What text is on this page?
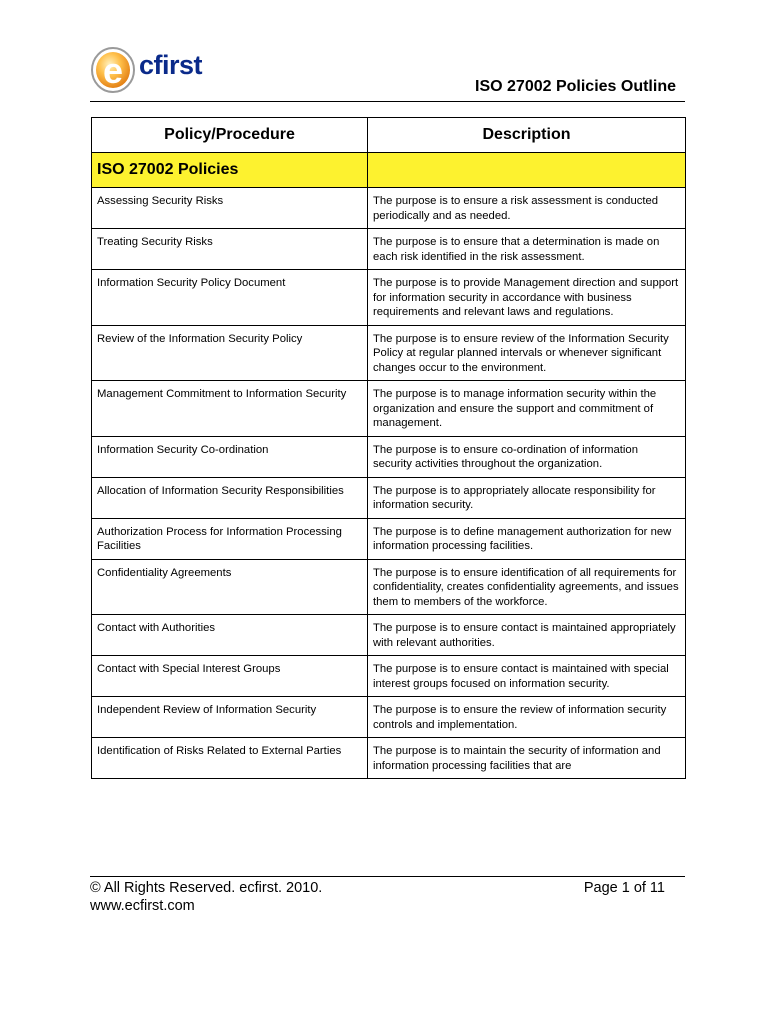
e cfirst
ISO 27002 Policies Outline
Policy/Procedure	Description
ISO 27002 Policies	
Assessing Security Risks	The purpose is to ensure a risk assessment is conducted periodically and as needed.
Treating Security Risks	The purpose is to ensure that a determination is made on each risk identified in the risk assessment.
Information Security Policy Document	The purpose is to provide Management direction and support for information security in accordance with business requirements and relevant laws and regulations.
Review of the Information Security Policy	The purpose is to ensure review of the Information Security Policy at regular planned intervals or whenever significant changes occur to the environment.
Management Commitment to Information Security	The purpose is to manage information security within the organization and ensure the support and commitment of management.
Information Security Co-ordination	The purpose is to ensure co-ordination of information security activities throughout the organization.
Allocation of Information Security Responsibilities	The purpose is to appropriately allocate responsibility for information security.
Authorization Process for Information Processing Facilities	The purpose is to define management authorization for new information processing facilities.
Confidentiality Agreements	The purpose is to ensure identification of all requirements for confidentiality, creates confidentiality agreements, and issues them to members of the workforce.
Contact with Authorities	The purpose is to ensure contact is maintained appropriately with relevant authorities.
Contact with Special Interest Groups	The purpose is to ensure contact is maintained with special interest groups focused on information security.
Independent Review of Information Security	The purpose is to ensure the review of information security controls and implementation.
Identification of Risks Related to External Parties	The purpose is to maintain the security of information and information processing facilities that are
© All Rights Reserved. ecfirst. 2010.
www.ecfirst.com
Page 1 of 11
